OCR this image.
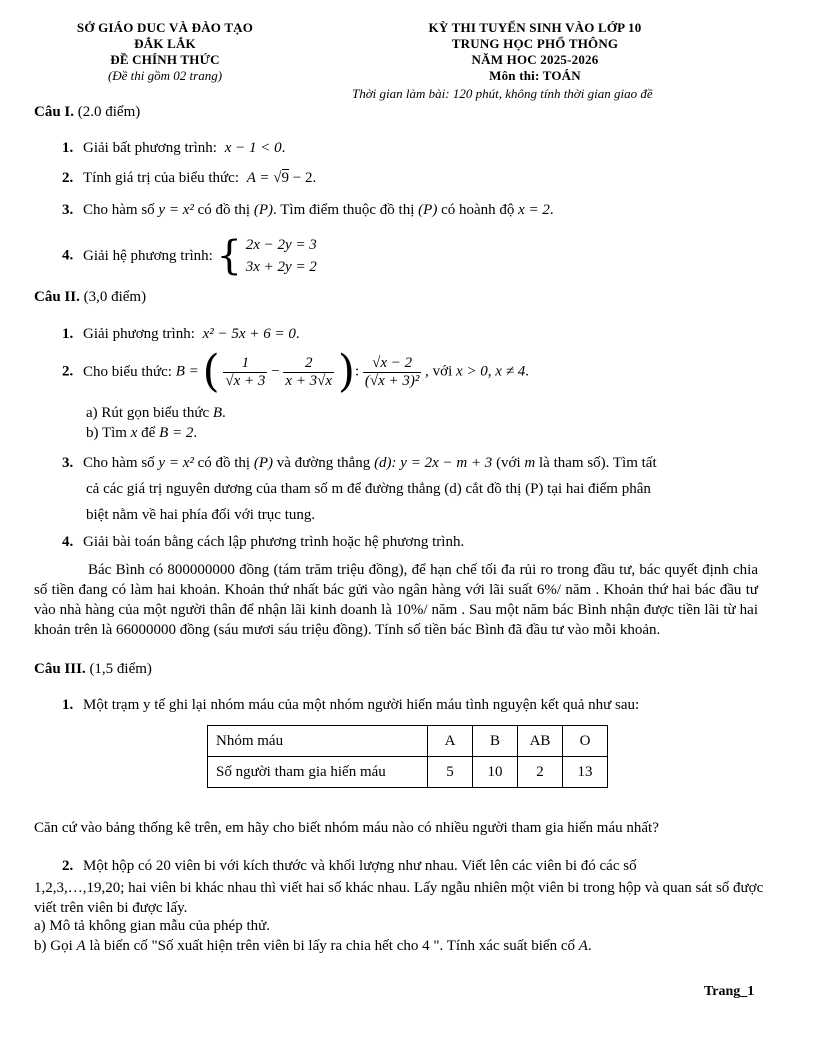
SỞ GIÁO DUC VÀ ĐÀO TẠO
ĐẮK LẮK
ĐỀ CHÍNH THỨC
(Đề thi gồm 02 trang)
KỲ THI TUYỂN SINH VÀO LỚP 10
TRUNG HỌC PHỔ THÔNG
NĂM HOC 2025-2026
Môn thi: TOÁN
Thời gian làm bài: 120 phút, không tính thời gian giao đề
Câu I. (2.0 điểm)
1. Giải bất phương trình: x − 1 < 0.
2. Tính giá trị của biểu thức: A = √9 − 2.
3. Cho hàm số y = x² có đồ thị (P). Tìm điểm thuộc đồ thị (P) có hoành độ x = 2.
4. Giải hệ phương trình: { 2x − 2y = 3
3x + 2y = 2
Câu II. (3,0 điểm)
1. Giải phương trình: x² − 5x + 6 = 0.
2. Cho biểu thức: B = ( $\frac{1}{√x + 3} - \frac{2}{x + 3√x}$ ): $\frac{√x - 2}{\text{(√x + 3)²}}$ , với x > 0, x ≠ 4.
a) Rút gọn biểu thức B.
b) Tìm x để B = 2.
3. Cho hàm số y = x² có đồ thị (P) và đường thẳng (d): y = 2x − m + 3 (với m là tham số). Tìm tất
cả các giá trị nguyên dương của tham số m để đường thẳng (d) cắt đồ thị (P) tại hai điểm phân
biệt nằm về hai phía đối với trục tung.
4. Giải bài toán bằng cách lập phương trình hoặc hệ phương trình.
Bác Bình có 800000000 đồng (tám trăm triệu đồng), để hạn chế tối đa rủi ro trong đầu tư, bác quyết định chia số tiền đang có làm hai khoản. Khoản thứ nhất bác gửi vào ngân hàng với lãi suất 6%/ năm . Khoản thứ hai bác đầu tư vào nhà hàng của một người thân để nhận lãi kinh doanh là 10%/ năm . Sau một năm bác Bình nhận được tiền lãi từ hai khoản trên là 66000000 đồng (sáu mươi sáu triệu đồng). Tính số tiền bác Bình đã đầu tư vào mỗi khoản.
Câu III. (1,5 điểm)
1. Một trạm y tế ghi lại nhóm máu của một nhóm người hiến máu tình nguyện kết quả như sau:
Nhóm máu	A	B	AB	O
Số người tham gia hiến máu	5	10	2	13
Căn cứ vào bảng thống kê trên, em hãy cho biết nhóm máu nào có nhiều người tham gia hiến máu nhất?
2. Một hộp có 20 viên bi với kích thước và khối lượng như nhau. Viết lên các viên bi đó các số
1,2,3,…,19,20; hai viên bi khác nhau thì viết hai số khác nhau. Lấy ngẫu nhiên một viên bi trong hộp và quan sát số được viết trên viên bi được lấy.
a) Mô tả không gian mẫu của phép thử.
b) Gọi A là biến cố "Số xuất hiện trên viên bi lấy ra chia hết cho 4 ". Tính xác suất biến cố A.
Trang_1
